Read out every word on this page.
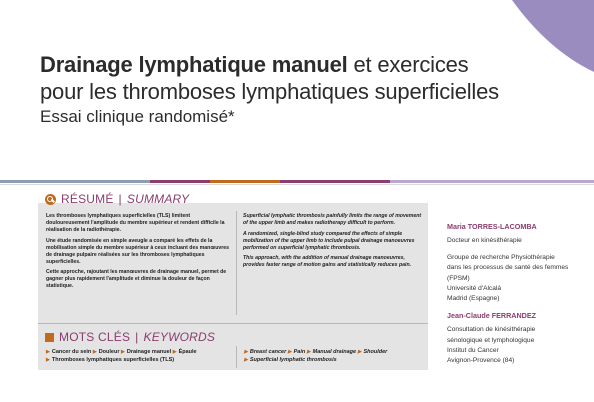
Drainage lymphatique manuel et exercices
pour les thromboses lymphatiques superficielles
Essai clinique randomisé*
RÉSUMÉ | SUMMARY

Les thromboses lymphatiques superficielles (TLS) limitent douloureusement l'amplitude du membre supérieur et rendent difficile la réalisation de la radiothérapie.

Une étude randomisée en simple aveugle a comparé les effets de la mobilisation simple du membre supérieur à ceux incluant des manœuvres de drainage pulpaire réalisées sur les thromboses lymphatiques superficielles.

Cette approche, rajoutant les manœuvres de drainage manuel, permet de gagner plus rapidement l'amplitude et diminue la douleur de façon statistique.

Superficial lymphatic thrombosis painfully limits the range of movement of the upper limb and makes radiotherapy difficult to perform.

A randomized, single-blind study compared the effects of simple mobilization of the upper limb to include pulpal drainage manoeuvres performed on superficial lymphatic thrombosis.

This approach, with the addition of manual drainage manoeuvres, provides faster range of motion gains and statistically reduces pain.

MOTS CLÉS | KEYWORDS
▶ Cancer du sein ▶ Douleur ▶ Drainage manuel ▶ Épaule
▶ Thromboses lymphatiques superficielles (TLS)
▶ Breast cancer ▶ Pain ▶ Manual drainage ▶ Shoulder
▶ Superficial lymphatic thrombosis
Maria TORRES-LACOMBA
Docteur en kinésithérapie
Groupe de recherche Physiothérapie
dans les processus de santé des femmes
(FPSM)
Université d'Alcalá
Madrid (Espagne)
Jean-Claude FERRANDEZ
Consultation de kinésithérapie
sénologique et lymphologique
Institut du Cancer
Avignon-Provence (84)
